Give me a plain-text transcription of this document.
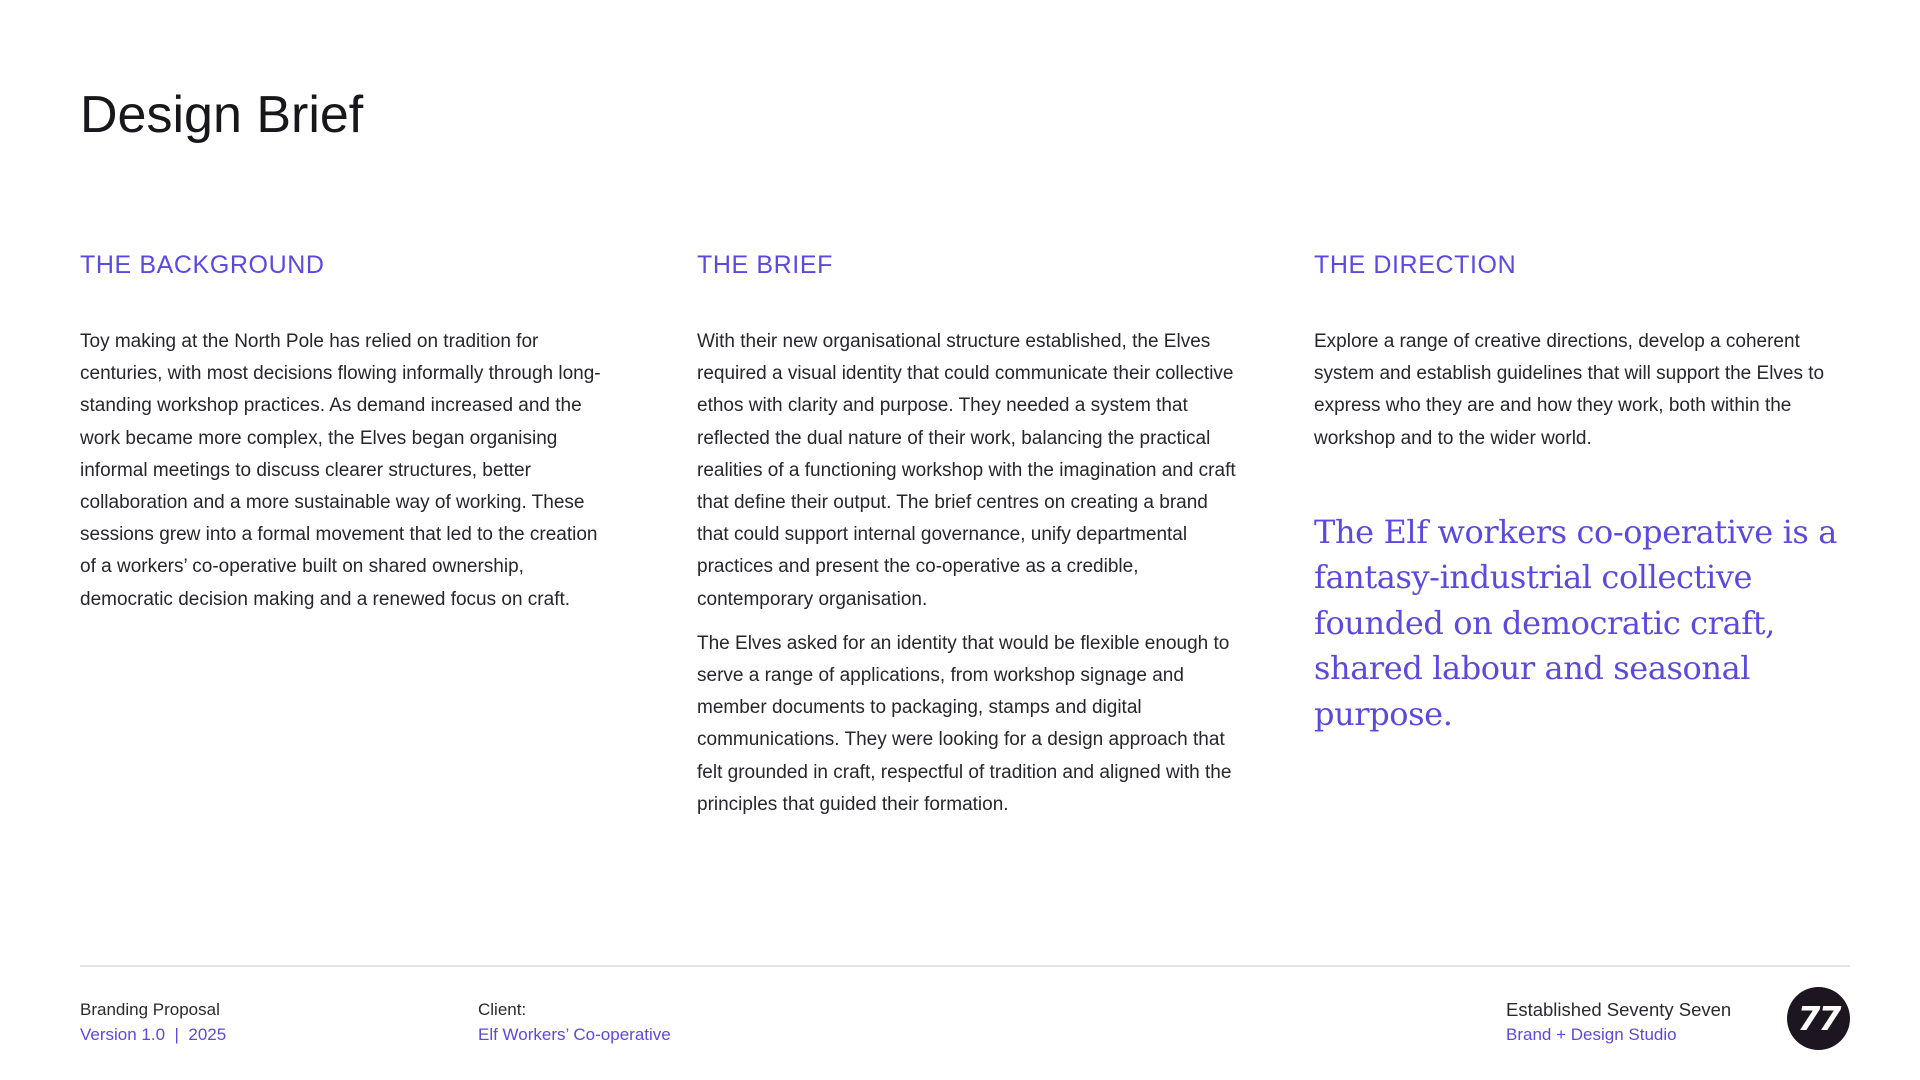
Design Brief
THE BACKGROUND

Toy making at the North Pole has relied on tradition for centuries, with most decisions flowing informally through long-standing workshop practices. As demand increased and the work became more complex, the Elves began organising informal meetings to discuss clearer structures, better collaboration and a more sustainable way of working. These sessions grew into a formal movement that led to the creation of a workers’ co-operative built on shared ownership, democratic decision making and a renewed focus on craft.

THE BRIEF

With their new organisational structure established, the Elves required a visual identity that could communicate their collective ethos with clarity and purpose. They needed a system that reflected the dual nature of their work, balancing the practical realities of a functioning workshop with the imagination and craft that define their output. The brief centres on creating a brand that could support internal governance, unify departmental practices and present the co-operative as a credible, contemporary organisation.

The Elves asked for an identity that would be flexible enough to serve a range of applications, from workshop signage and member documents to packaging, stamps and digital communications. They were looking for a design approach that felt grounded in craft, respectful of tradition and aligned with the principles that guided their formation.

THE DIRECTION

Explore a range of creative directions, develop a coherent system and establish guidelines that will support the Elves to express who they are and how they work, both within the workshop and to the wider world.

The Elf workers co-operative is a fantasy-industrial collective founded on democratic craft, shared labour and seasonal purpose.

Branding Proposal
Version 1.0  |  2025
Client:
Elf Workers’ Co-operative
Established Seventy Seven
Brand + Design Studio	77
